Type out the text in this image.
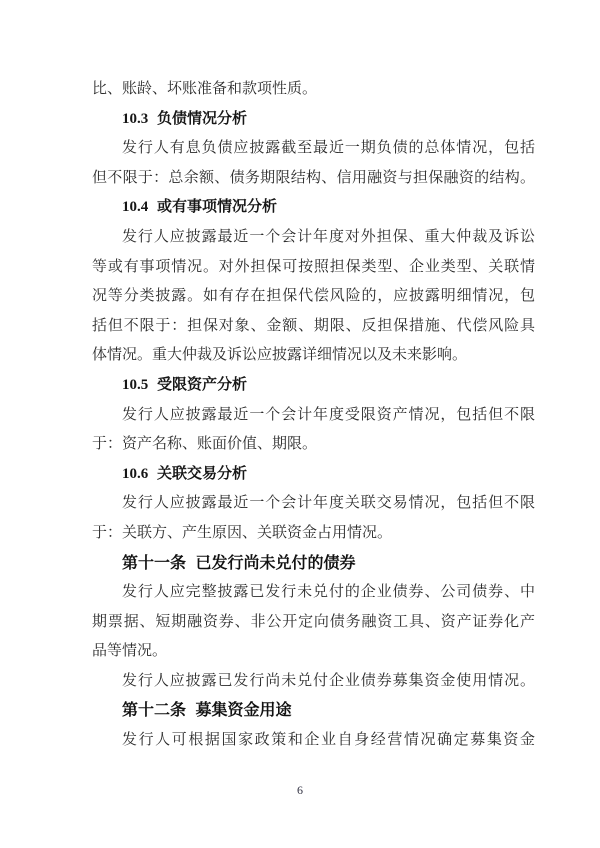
比、账龄、坏账准备和款项性质。
10.3 负债情况分析
发行人有息负债应披露截至最近一期负债的总体情况，包括
但不限于：总余额、债务期限结构、信用融资与担保融资的结构。
10.4 或有事项情况分析
发行人应披露最近一个会计年度对外担保、重大仲裁及诉讼
等或有事项情况。对外担保可按照担保类型、企业类型、关联情
况等分类披露。如有存在担保代偿风险的，应披露明细情况，包
括但不限于：担保对象、金额、期限、反担保措施、代偿风险具
体情况。重大仲裁及诉讼应披露详细情况以及未来影响。
10.5 受限资产分析
发行人应披露最近一个会计年度受限资产情况，包括但不限
于：资产名称、账面价值、期限。
10.6 关联交易分析
发行人应披露最近一个会计年度关联交易情况，包括但不限
于：关联方、产生原因、关联资金占用情况。
第十一条 已发行尚未兑付的债券
发行人应完整披露已发行未兑付的企业债券、公司债券、中
期票据、短期融资券、非公开定向债务融资工具、资产证券化产
品等情况。
发行人应披露已发行尚未兑付企业债券募集资金使用情况。
第十二条 募集资金用途
发行人可根据国家政策和企业自身经营情况确定募集资金
6
